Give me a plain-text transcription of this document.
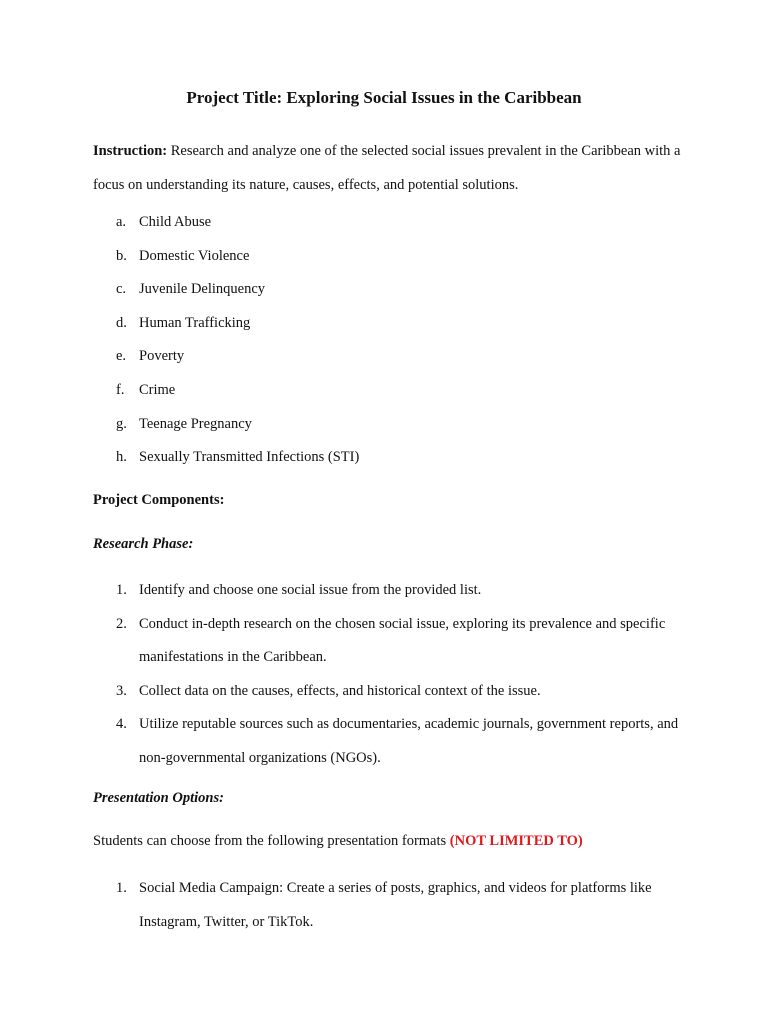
Project Title: Exploring Social Issues in the Caribbean
Instruction: Research and analyze one of the selected social issues prevalent in the Caribbean with a focus on understanding its nature, causes, effects, and potential solutions.
a. Child Abuse
b. Domestic Violence
c. Juvenile Delinquency
d. Human Trafficking
e. Poverty
f. Crime
g. Teenage Pregnancy
h. Sexually Transmitted Infections (STI)
Project Components:
Research Phase:
1. Identify and choose one social issue from the provided list.
2. Conduct in-depth research on the chosen social issue, exploring its prevalence and specific manifestations in the Caribbean.
3. Collect data on the causes, effects, and historical context of the issue.
4. Utilize reputable sources such as documentaries, academic journals, government reports, and non-governmental organizations (NGOs).
Presentation Options:
Students can choose from the following presentation formats (NOT LIMITED TO)
1. Social Media Campaign: Create a series of posts, graphics, and videos for platforms like Instagram, Twitter, or TikTok.
